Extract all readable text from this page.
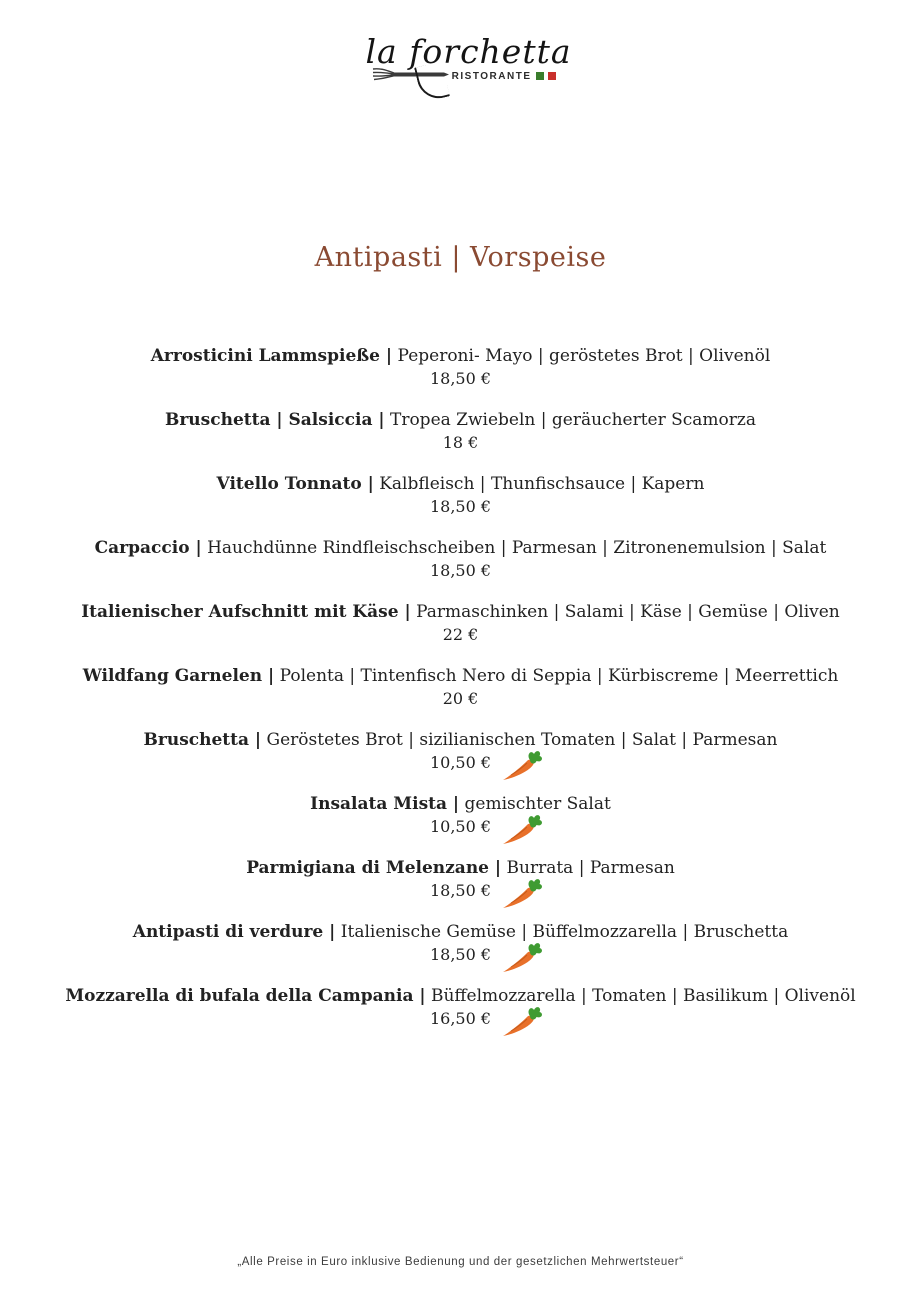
la forchetta
RISTORANTE
Antipasti | Vorspeise
Arrosticini Lammspieße | Peperoni- Mayo | geröstetes Brot | Olivenöl
18,50 €
Bruschetta | Salsiccia | Tropea Zwiebeln | geräucherter Scamorza
18 €
Vitello Tonnato | Kalbfleisch | Thunfischsauce | Kapern
18,50 €
Carpaccio | Hauchdünne Rindfleischscheiben | Parmesan | Zitronenemulsion | Salat
18,50 €
Italienischer Aufschnitt mit Käse | Parmaschinken | Salami | Käse | Gemüse | Oliven
22 €
Wildfang Garnelen | Polenta | Tintenfisch Nero di Seppia | Kürbiscreme | Meerrettich
20 €
Bruschetta | Geröstetes Brot | sizilianischen Tomaten | Salat | Parmesan
10,50 €
Insalata Mista | gemischter Salat
10,50 €
Parmigiana di Melenzane | Burrata | Parmesan
18,50 €
Antipasti di verdure | Italienische Gemüse | Büffelmozzarella | Bruschetta
18,50 €
Mozzarella di bufala della Campania | Büffelmozzarella | Tomaten | Basilikum | Olivenöl
16,50 €
„Alle Preise in Euro inklusive Bedienung und der gesetzlichen Mehrwertsteuer“
